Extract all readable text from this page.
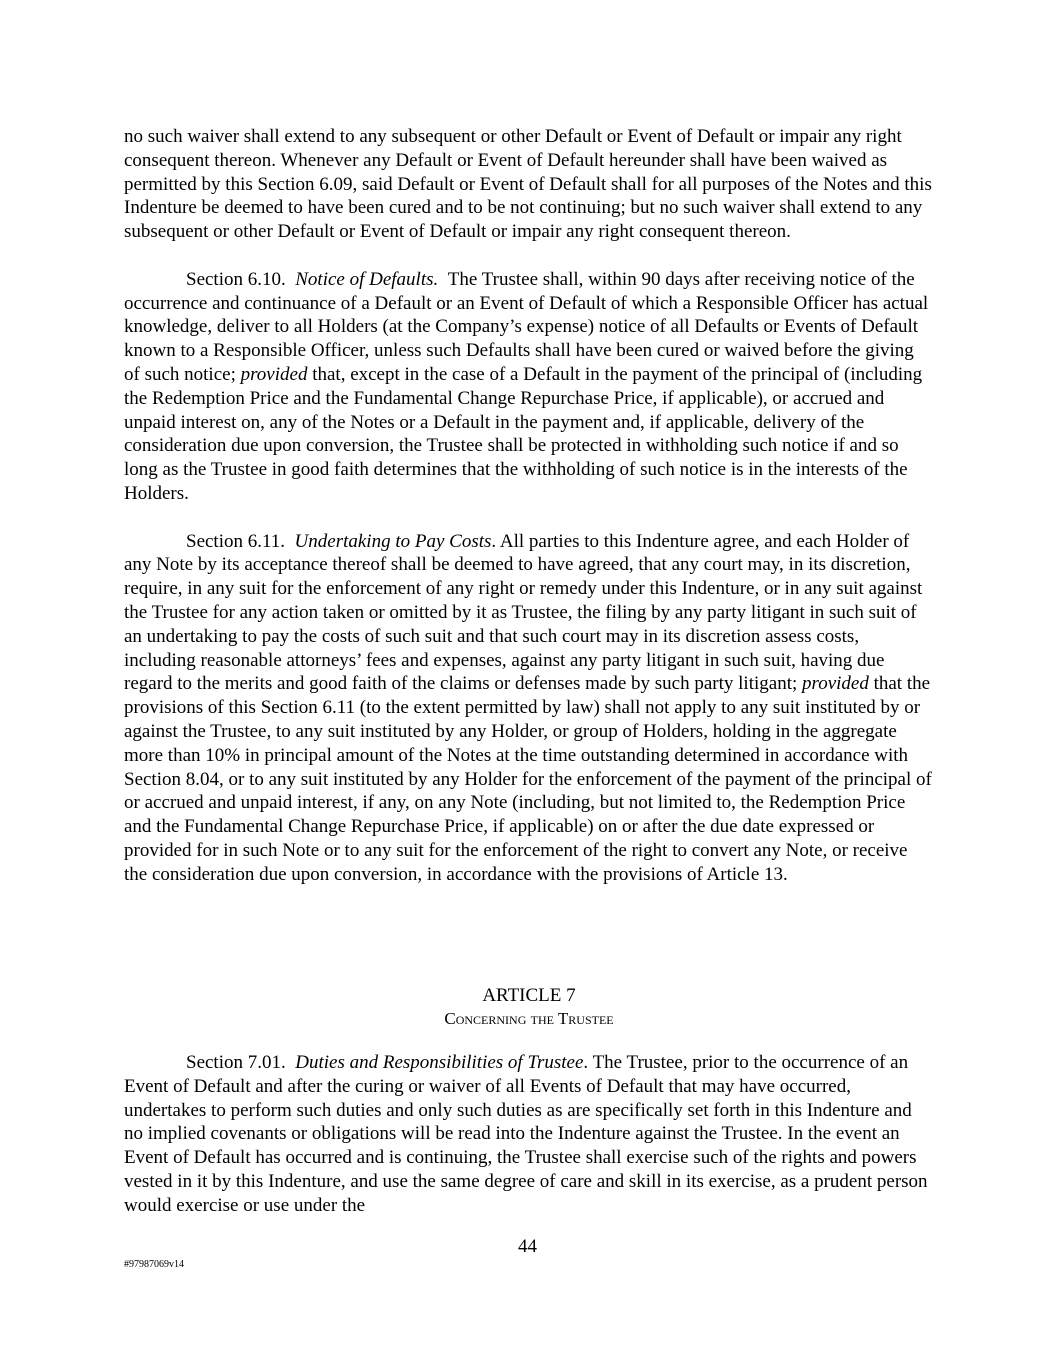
no such waiver shall extend to any subsequent or other Default or Event of Default or impair any right consequent thereon. Whenever any Default or Event of Default hereunder shall have been waived as permitted by this Section 6.09, said Default or Event of Default shall for all purposes of the Notes and this Indenture be deemed to have been cured and to be not continuing; but no such waiver shall extend to any subsequent or other Default or Event of Default or impair any right consequent thereon.

Section 6.10. Notice of Defaults. The Trustee shall, within 90 days after receiving notice of the occurrence and continuance of a Default or an Event of Default of which a Responsible Officer has actual knowledge, deliver to all Holders (at the Company’s expense) notice of all Defaults or Events of Default known to a Responsible Officer, unless such Defaults shall have been cured or waived before the giving of such notice; provided that, except in the case of a Default in the payment of the principal of (including the Redemption Price and the Fundamental Change Repurchase Price, if applicable), or accrued and unpaid interest on, any of the Notes or a Default in the payment and, if applicable, delivery of the consideration due upon conversion, the Trustee shall be protected in withholding such notice if and so long as the Trustee in good faith determines that the withholding of such notice is in the interests of the Holders.

Section 6.11. Undertaking to Pay Costs. All parties to this Indenture agree, and each Holder of any Note by its acceptance thereof shall be deemed to have agreed, that any court may, in its discretion, require, in any suit for the enforcement of any right or remedy under this Indenture, or in any suit against the Trustee for any action taken or omitted by it as Trustee, the filing by any party litigant in such suit of an undertaking to pay the costs of such suit and that such court may in its discretion assess costs, including reasonable attorneys’ fees and expenses, against any party litigant in such suit, having due regard to the merits and good faith of the claims or defenses made by such party litigant; provided that the provisions of this Section 6.11 (to the extent permitted by law) shall not apply to any suit instituted by or against the Trustee, to any suit instituted by any Holder, or group of Holders, holding in the aggregate more than 10% in principal amount of the Notes at the time outstanding determined in accordance with Section 8.04, or to any suit instituted by any Holder for the enforcement of the payment of the principal of or accrued and unpaid interest, if any, on any Note (including, but not limited to, the Redemption Price and the Fundamental Change Repurchase Price, if applicable) on or after the due date expressed or provided for in such Note or to any suit for the enforcement of the right to convert any Note, or receive the consideration due upon conversion, in accordance with the provisions of Article 13.

ARTICLE 7
Concerning the Trustee

Section 7.01. Duties and Responsibilities of Trustee. The Trustee, prior to the occurrence of an Event of Default and after the curing or waiver of all Events of Default that may have occurred, undertakes to perform such duties and only such duties as are specifically set forth in this Indenture and no implied covenants or obligations will be read into the Indenture against the Trustee. In the event an Event of Default has occurred and is continuing, the Trustee shall exercise such of the rights and powers vested in it by this Indenture, and use the same degree of care and skill in its exercise, as a prudent person would exercise or use under the

44
#97987069v14
